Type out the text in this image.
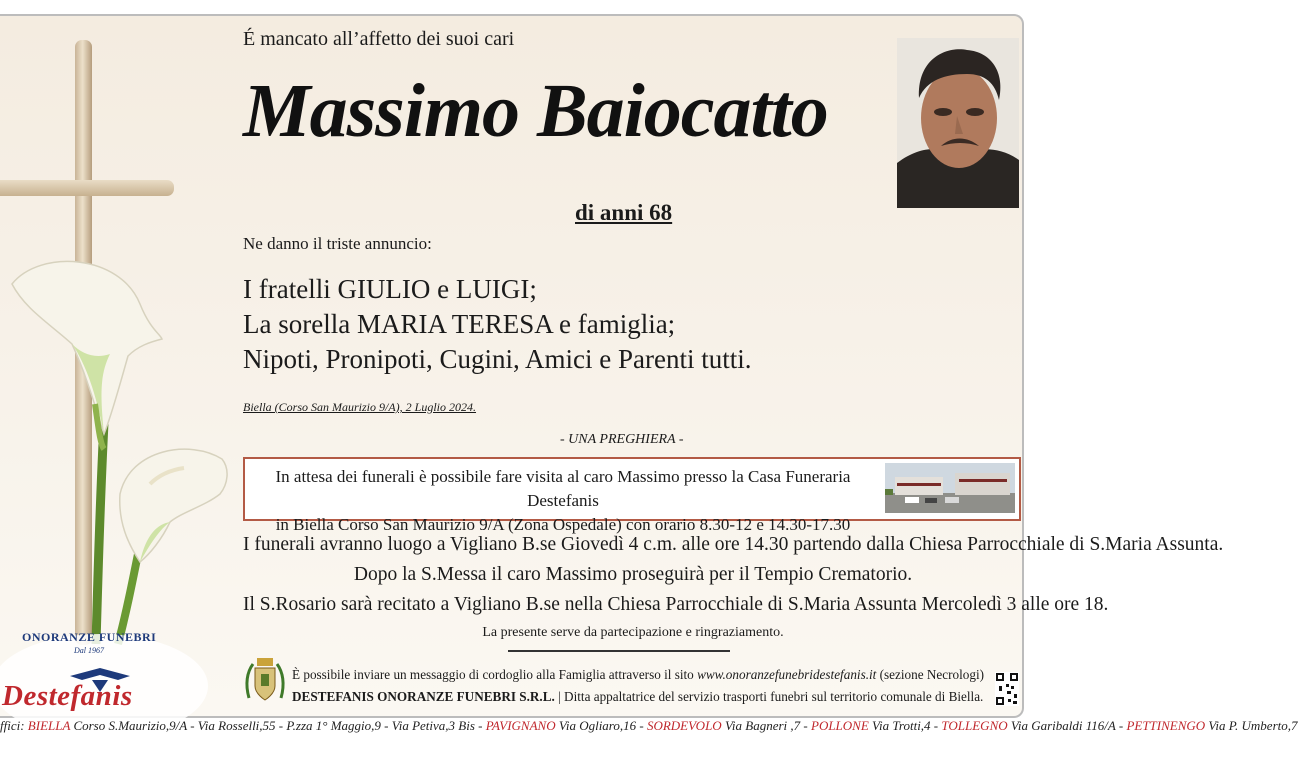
ONORANZE FUNEBRI
Dal 1967
Destefanis
É mancato all’affetto dei suoi cari
Massimo Baiocatto
di anni 68
Ne danno il triste annuncio:
I fratelli GIULIO e LUIGI;
La sorella MARIA TERESA e famiglia;
Nipoti, Pronipoti, Cugini, Amici e Parenti tutti.
Biella (Corso San Maurizio 9/A), 2 Luglio 2024.
- UNA PREGHIERA -
In attesa dei funerali è possibile fare visita al caro Massimo presso la Casa Funeraria Destefanis
in Biella Corso San Maurizio 9/A (Zona Ospedale) con orario 8.30-12 e 14.30-17.30
I funerali avranno luogo a Vigliano B.se Giovedì 4 c.m. alle ore 14.30 partendo dalla Chiesa Parrocchiale di S.Maria Assunta.
Dopo la S.Messa il caro Massimo proseguirà per il Tempio Crematorio.
Il S.Rosario sarà recitato a Vigliano B.se nella Chiesa Parrocchiale di S.Maria Assunta Mercoledì 3 alle ore 18.
La presente serve da partecipazione e ringraziamento.
È possibile inviare un messaggio di cordoglio alla Famiglia attraverso il sito www.onoranzefunebridestefanis.it (sezione Necrologi)
DESTEFANIS ONORANZE FUNEBRI S.R.L. | Ditta appaltatrice del servizio trasporti funebri sul territorio comunale di Biella.
ffici: BIELLA Corso S.Maurizio,9/A - Via Rosselli,55 - P.zza 1° Maggio,9 - Via Petiva,3 Bis - PAVIGNANO Via Ogliaro,16 - SORDEVOLO Via Bagneri ,7 - POLLONE Via Trotti,4 - TOLLEGNO Via Garibaldi 116/A - PETTINENGO Via P. Umberto,7
